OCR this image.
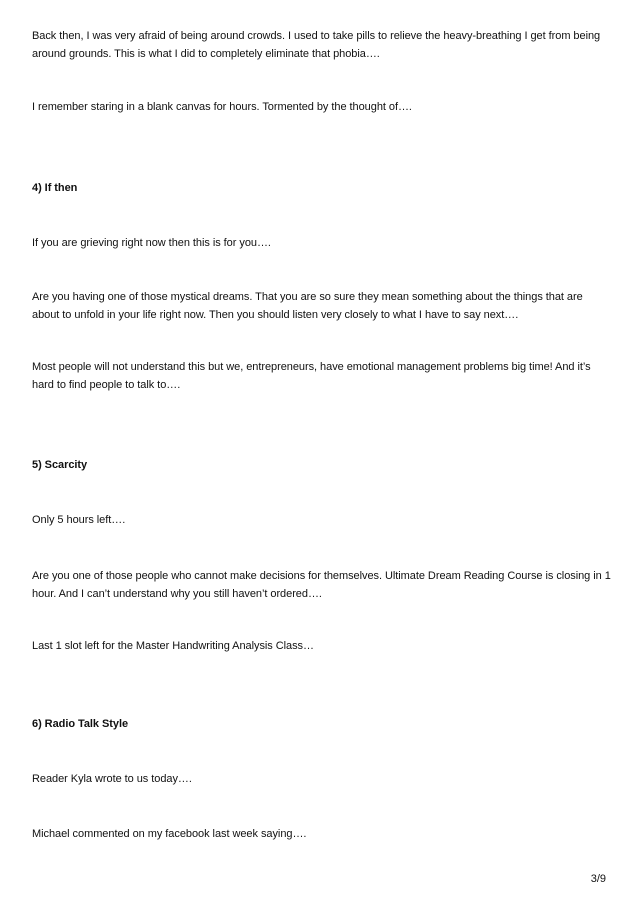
Back then, I was very afraid of being around crowds. I used to take pills to relieve the heavy-breathing I get from being around grounds. This is what I did to completely eliminate that phobia….

I remember staring in a blank canvas for hours. Tormented by the thought of….

4) If then

If you are grieving right now then this is for you….

Are you having one of those mystical dreams. That you are so sure they mean something about the things that are about to unfold in your life right now. Then you should listen very closely to what I have to say next….

Most people will not understand this but we, entrepreneurs, have emotional management problems big time! And it’s hard to find people to talk to….

5) Scarcity

Only 5 hours left….

Are you one of those people who cannot make decisions for themselves. Ultimate Dream Reading Course is closing in 1 hour. And I can’t understand why you still haven’t ordered….

Last 1 slot left for the Master Handwriting Analysis Class…

6) Radio Talk Style

Reader Kyla wrote to us today….

Michael commented on my facebook last week saying….

3/9
